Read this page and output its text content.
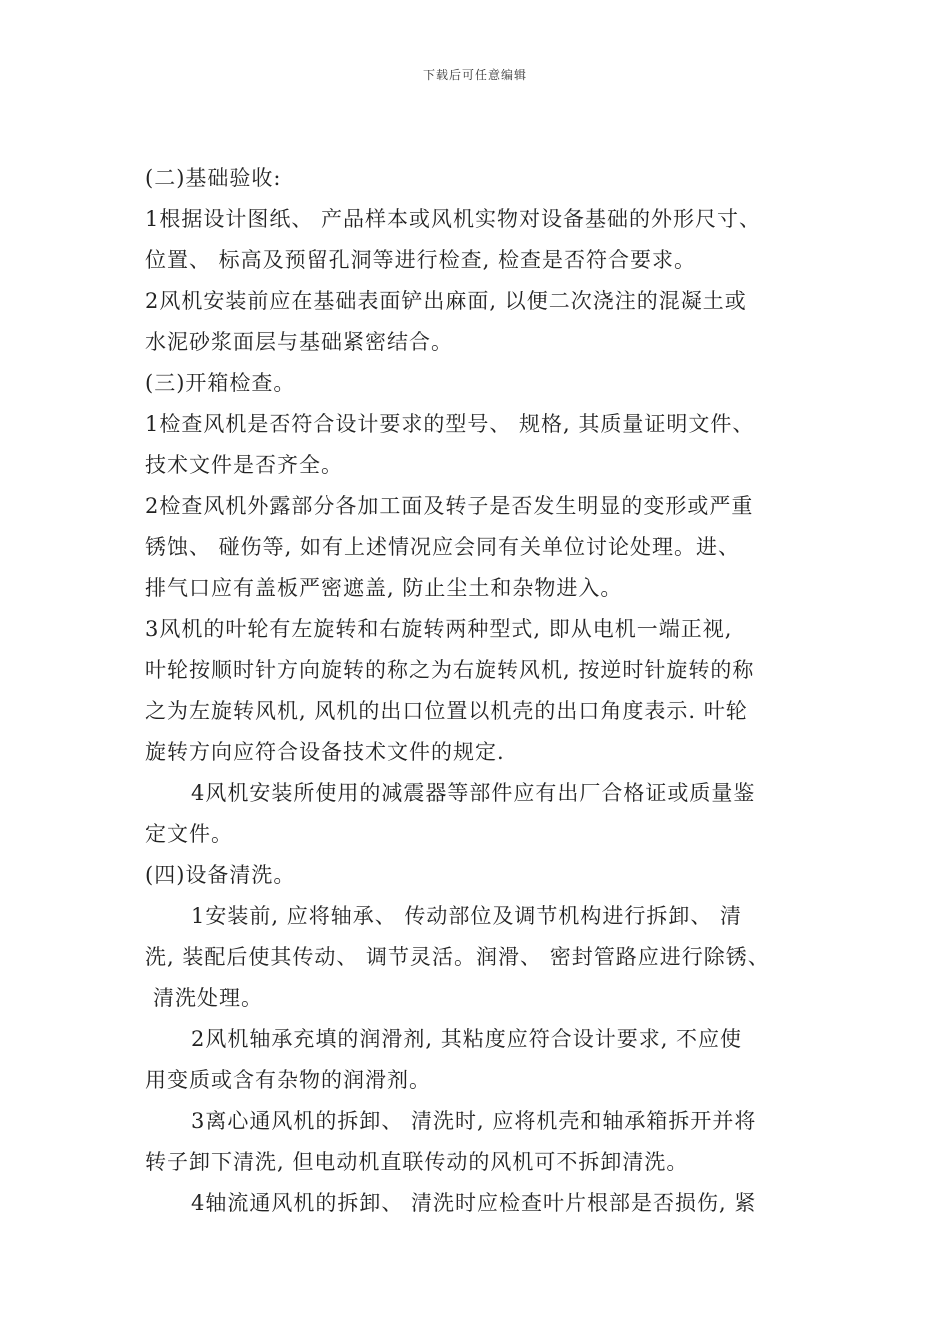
下载后可任意编辑
(二)基础验收:
1根据设计图纸、 产品样本或风机实物对设备基础的外形尺寸、
位置、 标高及预留孔洞等进行检查, 检查是否符合要求。
2风机安装前应在基础表面铲出麻面, 以便二次浇注的混凝土或
水泥砂浆面层与基础紧密结合。
(三)开箱检查。
1检查风机是否符合设计要求的型号、 规格, 其质量证明文件、
技术文件是否齐全。
2检查风机外露部分各加工面及转子是否发生明显的变形或严重
锈蚀、 碰伤等, 如有上述情况应会同有关单位讨论处理。进、
排气口应有盖板严密遮盖, 防止尘土和杂物进入。
3风机的叶轮有左旋转和右旋转两种型式, 即从电机一端正视,
叶轮按顺时针方向旋转的称之为右旋转风机, 按逆时针旋转的称
之为左旋转风机, 风机的出口位置以机壳的出口角度表示. 叶轮
旋转方向应符合设备技术文件的规定.
4风机安装所使用的减震器等部件应有出厂合格证或质量鉴
定文件。
(四)设备清洗。
1安装前, 应将轴承、 传动部位及调节机构进行拆卸、 清
洗, 装配后使其传动、 调节灵活。润滑、 密封管路应进行除锈、
清洗处理。
2风机轴承充填的润滑剂, 其粘度应符合设计要求, 不应使
用变质或含有杂物的润滑剂。
3离心通风机的拆卸、 清洗时, 应将机壳和轴承箱拆开并将
转子卸下清洗, 但电动机直联传动的风机可不拆卸清洗。
4轴流通风机的拆卸、 清洗时应检查叶片根部是否损伤, 紧
